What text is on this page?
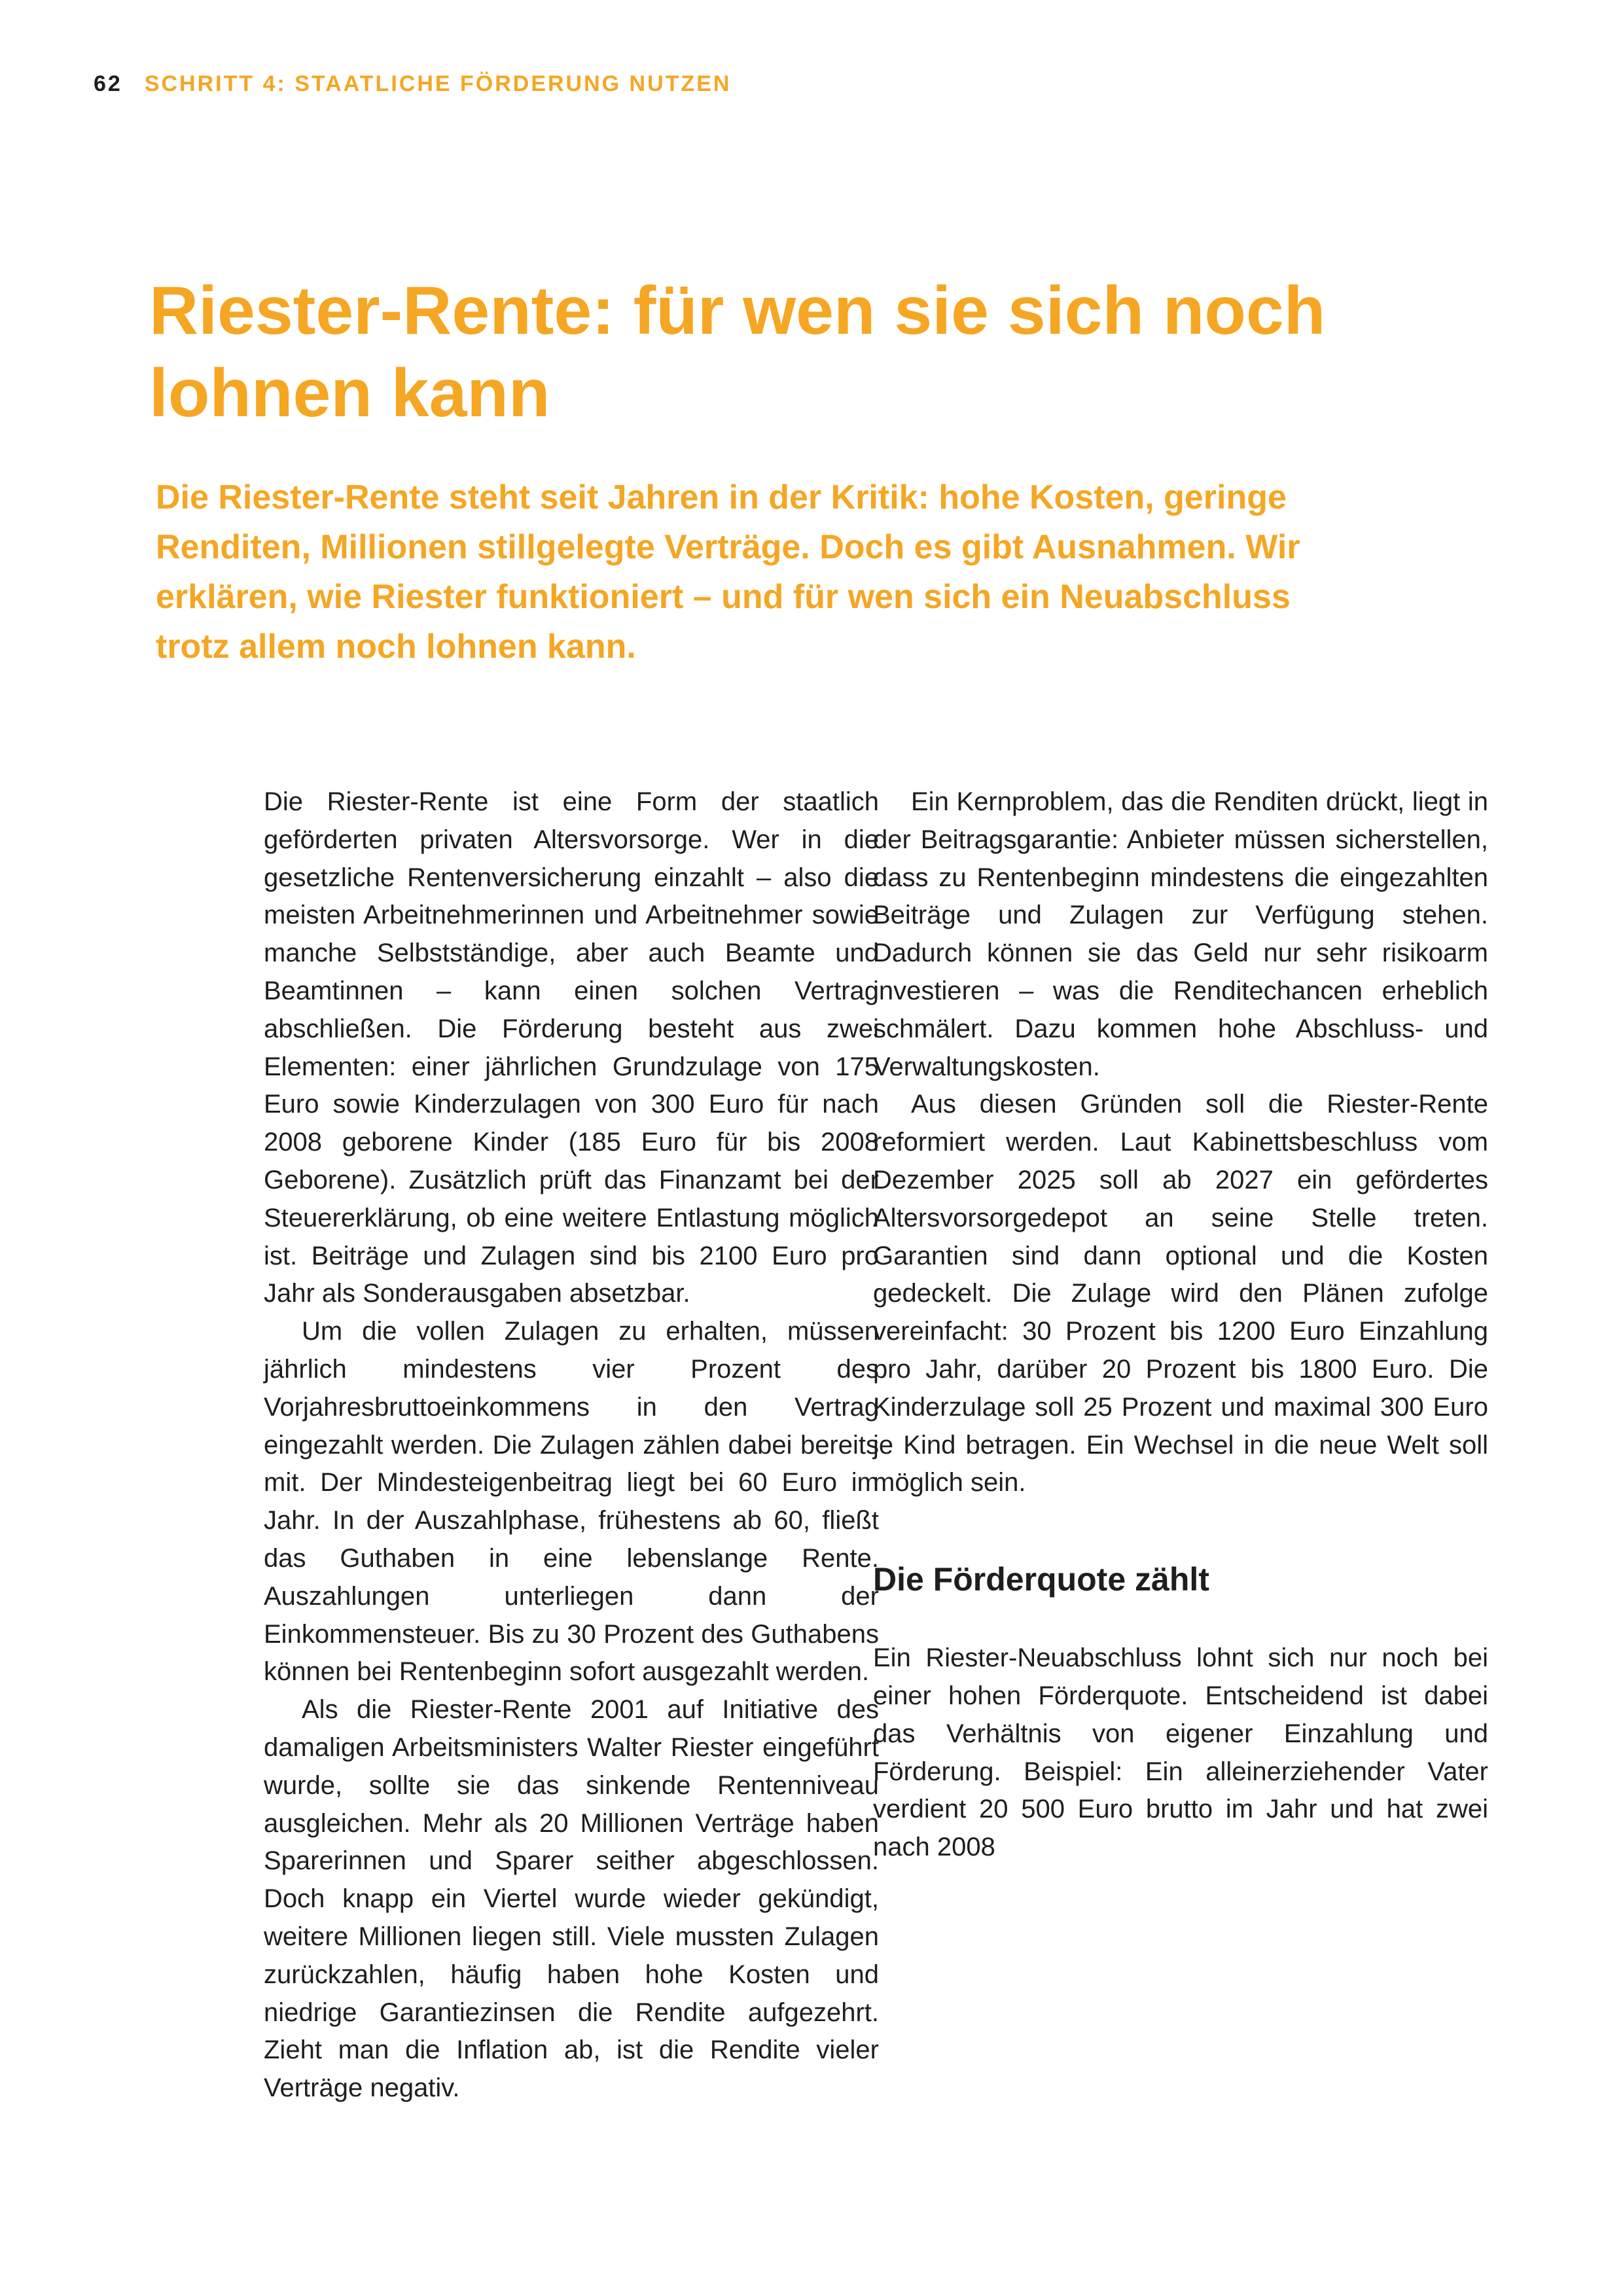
62 SCHRITT 4: STAATLICHE FÖRDERUNG NUTZEN
Riester-Rente: für wen sie sich noch lohnen kann

Die Riester-Rente steht seit Jahren in der Kritik: hohe Kosten, geringe Renditen, Millionen stillgelegte Verträge. Doch es gibt Ausnahmen. Wir erklären, wie Riester funktioniert – und für wen sich ein Neuabschluss trotz allem noch lohnen kann.

Die Riester-Rente ist eine Form der staatlich geförderten privaten Altersvorsorge. Wer in die gesetzliche Rentenversicherung einzahlt – also die meisten Arbeitnehmerinnen und Arbeitnehmer sowie manche Selbstständige, aber auch Beamte und Beamtinnen – kann einen solchen Vertrag abschließen. Die Förderung besteht aus zwei Elementen: einer jährlichen Grundzulage von 175 Euro sowie Kinderzulagen von 300 Euro für nach 2008 geborene Kinder (185 Euro für bis 2008 Geborene). Zusätzlich prüft das Finanzamt bei der Steuererklärung, ob eine weitere Entlastung möglich ist. Beiträge und Zulagen sind bis 2100 Euro pro Jahr als Sonderausgaben absetzbar.

Um die vollen Zulagen zu erhalten, müssen jährlich mindestens vier Prozent des Vorjahresbruttoeinkommens in den Vertrag eingezahlt werden. Die Zulagen zählen dabei bereits mit. Der Mindesteigenbeitrag liegt bei 60 Euro im Jahr. In der Auszahlphase, frühestens ab 60, fließt das Guthaben in eine lebenslange Rente. Auszahlungen unterliegen dann der Einkommensteuer. Bis zu 30 Prozent des Guthabens können bei Rentenbeginn sofort ausgezahlt werden.

Als die Riester-Rente 2001 auf Initiative des damaligen Arbeitsministers Walter Riester eingeführt wurde, sollte sie das sinkende Rentenniveau ausgleichen. Mehr als 20 Millionen Verträge haben Sparerinnen und Sparer seither abgeschlossen. Doch knapp ein Viertel wurde wieder gekündigt, weitere Millionen liegen still. Viele mussten Zulagen zurückzahlen, häufig haben hohe Kosten und niedrige Garantiezinsen die Rendite aufgezehrt. Zieht man die Inflation ab, ist die Rendite vieler Verträge negativ.

Ein Kernproblem, das die Renditen drückt, liegt in der Beitragsgarantie: Anbieter müssen sicherstellen, dass zu Rentenbeginn mindestens die eingezahlten Beiträge und Zulagen zur Verfügung stehen. Dadurch können sie das Geld nur sehr risikoarm investieren – was die Renditechancen erheblich schmälert. Dazu kommen hohe Abschluss- und Verwaltungskosten.

Aus diesen Gründen soll die Riester-Rente reformiert werden. Laut Kabinettsbeschluss vom Dezember 2025 soll ab 2027 ein gefördertes Altersvorsorgedepot an seine Stelle treten. Garantien sind dann optional und die Kosten gedeckelt. Die Zulage wird den Plänen zufolge vereinfacht: 30 Prozent bis 1200 Euro Einzahlung pro Jahr, darüber 20 Prozent bis 1800 Euro. Die Kinderzulage soll 25 Prozent und maximal 300 Euro je Kind betragen. Ein Wechsel in die neue Welt soll möglich sein.

Die Förderquote zählt

Ein Riester-Neuabschluss lohnt sich nur noch bei einer hohen Förderquote. Entscheidend ist dabei das Verhältnis von eigener Einzahlung und Förderung. Beispiel: Ein alleinerziehender Vater verdient 20 500 Euro brutto im Jahr und hat zwei nach 2008
